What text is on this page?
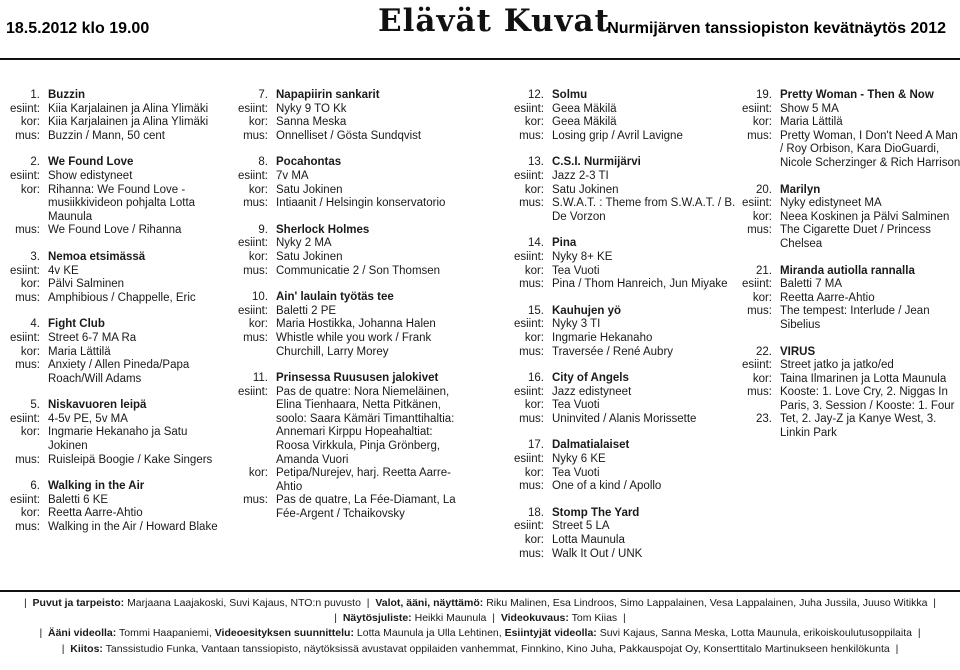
18.5.2012 klo 19.00	Elävät Kuvat
Nurmijärven tanssiopiston kevätnäytös 2012
1. Buzzin
esiint: Kiia Karjalainen ja Alina Ylimäki
kor: Kiia Karjalainen ja Alina Ylimäki
mus: Buzzin / Mann, 50 cent
2. We Found Love
esiint: Show edistyneet
kor: Rihanna: We Found Love -musiikkivideon pohjalta Lotta Maunula
mus: We Found Love / Rihanna
3. Nemoa etsimässä
esiint: 4v KE
kor: Pälvi Salminen
mus: Amphibious / Chappelle, Eric
4. Fight Club
esiint: Street 6-7 MA Ra
kor: Maria Lättilä
mus: Anxiety / Allen Pineda/Papa Roach/Will Adams
5. Niskavuoren leipä
esiint: 4-5v PE, 5v MA
kor: Ingmarie Hekanaho ja Satu Jokinen
mus: Ruisleipä Boogie / Kake Singers
6. Walking in the Air
esiint: Baletti 6 KE
kor: Reetta Aarre-Ahtio
mus: Walking in the Air / Howard Blake
7. Napapiirin sankarit
esiint: Nyky 9 TO Kk
kor: Sanna Meska
mus: Onnelliset / Gösta Sundqvist
8. Pocahontas
esiint: 7v MA
kor: Satu Jokinen
mus: Intiaanit / Helsingin konservatorio
9. Sherlock Holmes
esiint: Nyky 2 MA
kor: Satu Jokinen
mus: Communicatie 2 / Son Thomsen
10. Ain' laulain työtäs tee
esiint: Baletti 2 PE
kor: Maria Hostikka, Johanna Halen
mus: Whistle while you work / Frank Churchill, Larry Morey
11. Prinsessa Ruususen jalokivet
esiint: Pas de quatre: Nora Niemeläinen, Elina Tienhaara, Netta Pitkänen, soolo: Saara Kämäri Timanttihaltia: Annemari Kirppu Hopeahaltiat: Roosa Virkkula, Pinja Grönberg, Amanda Vuori
kor: Petipa/Nurejev, harj. Reetta Aarre-Ahtio
mus: Pas de quatre, La Fée-Diamant, La Fée-Argent / Tchaikovsky
12. Solmu
esiint: Geea Mäkilä
kor: Geea Mäkilä
mus: Losing grip / Avril Lavigne
13. C.S.I. Nurmijärvi
esiint: Jazz 2-3 TI
kor: Satu Jokinen
mus: S.W.A.T. : Theme from S.W.A.T. / B. De Vorzon
14. Pina
esiint: Nyky 8+ KE
kor: Tea Vuoti
mus: Pina / Thom Hanreich, Jun Miyake
15. Kauhujen yö
esiint: Nyky 3 TI
kor: Ingmarie Hekanaho
mus: Traversée / René Aubry
16. City of Angels
esiint: Jazz edistyneet
kor: Tea Vuoti
mus: Uninvited / Alanis Morissette
17. Dalmatialaiset
esiint: Nyky 6 KE
kor: Tea Vuoti
mus: One of a kind / Apollo
18. Stomp The Yard
esiint: Street 5 LA
kor: Lotta Maunula
mus: Walk It Out / UNK
19. Pretty Woman - Then & Now
esiint: Show 5 MA
kor: Maria Lättilä
mus: Pretty Woman, I Don't Need A Man / Roy Orbison, Kara DioGuardi, Nicole Scherzinger & Rich Harrison
20. Marilyn
esiint: Nyky edistyneet MA
kor: Neea Koskinen ja Pälvi Salminen
mus: The Cigarette Duet / Princess Chelsea
21. Miranda autiolla rannalla
esiint: Baletti 7 MA
kor: Reetta Aarre-Ahtio
mus: The tempest: Interlude / Jean Sibelius
22. VIRUS
esiint: Street jatko ja jatko/ed
kor: Taina Ilmarinen ja Lotta Maunula
mus: Kooste: 1. Love Cry, 2. Niggas In Paris, 3. Session / Kooste: 1. Four
23. Tet, 2. Jay-Z ja Kanye West, 3. Linkin Park
|  Puvut ja tarpeisto: Marjaana Laajakoski, Suvi Kajaus, NTO:n puvusto  |  Valot, ääni, näyttämö: Riku Malinen, Esa Lindroos, Simo Lappalainen, Vesa Lappalainen, Juha Jussila, Juuso Witikka  |
|  Näytösjuliste: Heikki Maunula  |  Videokuvaus: Tom Kiias  |
|  Ääni videolla: Tommi Haapaniemi, Videoesityksen suunnittelu: Lotta Maunula ja Ulla Lehtinen, Esiintyjät videolla: Suvi Kajaus, Sanna Meska, Lotta Maunula, erikoiskoulutusoppilaita  |
|  Kiitos: Tanssistudio Funka, Vantaan tanssiopisto, näytöksissä avustavat oppilaiden vanhemmat, Finnkino, Kino Juha, Pakkauspojat Oy, Konserttitalo Martinukseen henkilökunta  |
